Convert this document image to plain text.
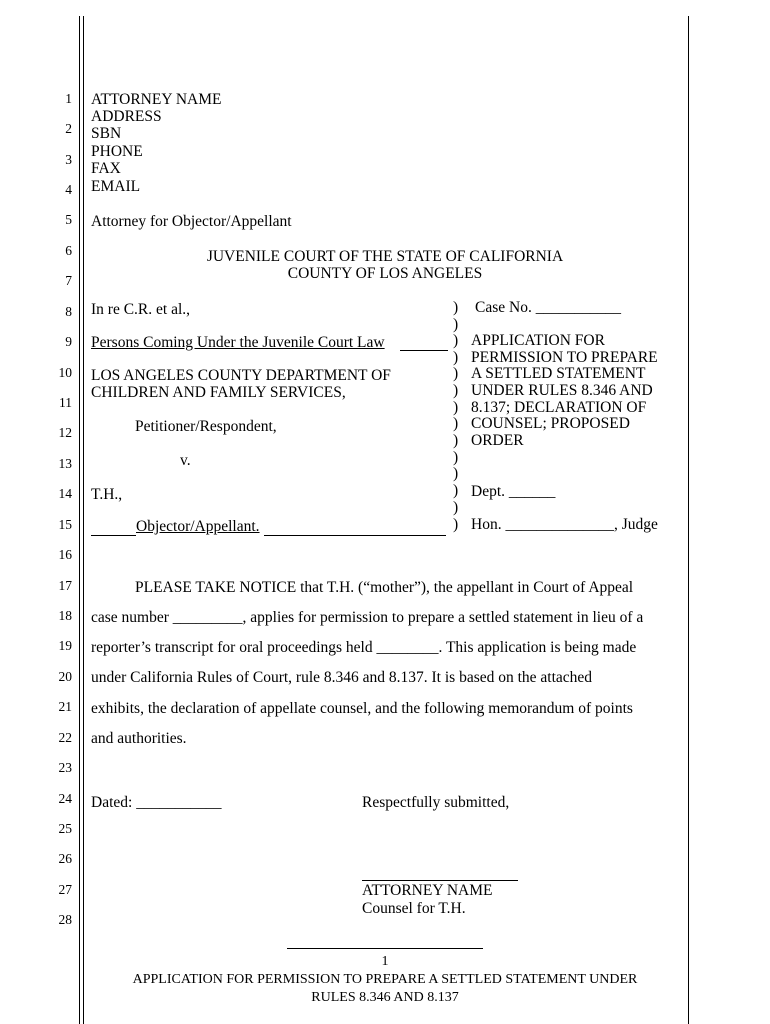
1
2
3
4
5
6
7
8
9
10
11
12
13
14
15
16
17
18
19
20
21
22
23
24
25
26
27
28
ATTORNEY NAME
ADDRESS
SBN
PHONE
FAX
EMAIL
Attorney for Objector/Appellant
JUVENILE COURT OF THE STATE OF CALIFORNIA
COUNTY OF LOS ANGELES
In re C.R. et al.,
Persons Coming Under the Juvenile Court Law
LOS ANGELES COUNTY DEPARTMENT OF
CHILDREN AND FAMILY SERVICES,
Petitioner/Respondent,
v.
T.H.,
Objector/Appellant.
)
)
)
)
)
)
)
)
)
)
)
)
)
)
Case No. ___________
APPLICATION FOR
PERMISSION TO PREPARE
A SETTLED STATEMENT
UNDER RULES 8.346 AND
8.137; DECLARATION OF
COUNSEL; PROPOSED
ORDER
Dept. ______
Hon. ______________, Judge
PLEASE TAKE NOTICE that T.H. (“mother”), the appellant in Court of Appeal
case number _________, applies for permission to prepare a settled statement in lieu of a
reporter’s transcript for oral proceedings held ________. This application is being made
under California Rules of Court, rule 8.346 and 8.137. It is based on the attached
exhibits, the declaration of appellate counsel, and the following memorandum of points
and authorities.
Dated: ___________	Respectfully submitted,
ATTORNEY NAME
Counsel for T.H.
1
APPLICATION FOR PERMISSION TO PREPARE A SETTLED STATEMENT UNDER
RULES 8.346 AND 8.137
